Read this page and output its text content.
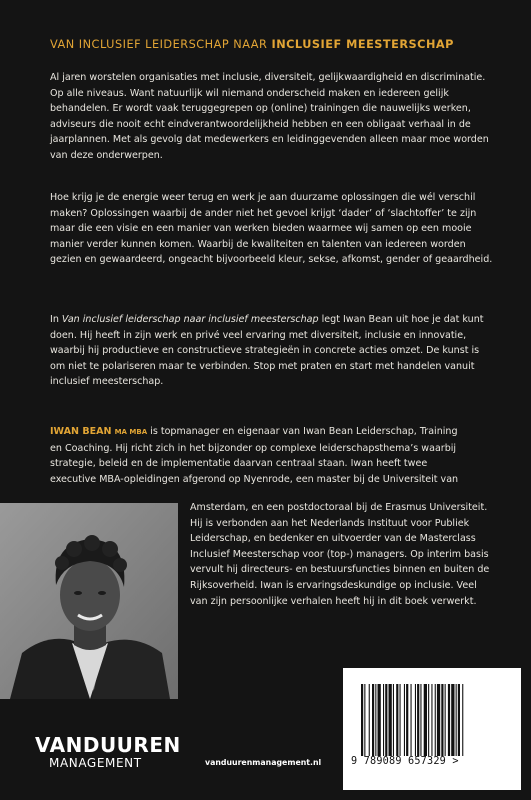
VAN INCLUSIEF LEIDERSCHAP NAAR INCLUSIEF MEESTERSCHAP

Al jaren worstelen organisaties met inclusie, diversiteit, gelijkwaardigheid en discriminatie. Op alle niveaus. Want natuurlijk wil niemand onderscheid maken en iedereen gelijk behandelen. Er wordt vaak teruggegrepen op (online) trainingen die nauwelijks werken, adviseurs die nooit echt eindverantwoordelijkheid hebben en een obligaat verhaal in de jaarplannen. Met als gevolg dat medewerkers en leidinggevenden alleen maar moe worden van deze onderwerpen.

Hoe krijg je de energie weer terug en werk je aan duurzame oplossingen die wél verschil maken? Oplossingen waarbij de ander niet het gevoel krijgt ‘dader’ of ‘slachtoffer’ te zijn maar die een visie en een manier van werken bieden waarmee wij samen op een mooie manier verder kunnen komen. Waarbij de kwaliteiten en talenten van iedereen worden gezien en gewaardeerd, ongeacht bijvoorbeeld kleur, sekse, afkomst, gender of geaardheid.

In Van inclusief leiderschap naar inclusief meesterschap legt Iwan Bean uit hoe je dat kunt doen. Hij heeft in zijn werk en privé veel ervaring met diversiteit, inclusie en innovatie, waarbij hij productieve en constructieve strategieën in concrete acties omzet. De kunst is om niet te polariseren maar te verbinden. Stop met praten en start met handelen vanuit inclusief meesterschap.

IWAN BEAN MA MBA is topmanager en eigenaar van Iwan Bean Leiderschap, Training

en Coaching. Hij richt zich in het bijzonder op complexe leiderschapsthema’s waarbij

strategie, beleid en de implementatie daarvan centraal staan. Iwan heeft twee

executive MBA-opleidingen afgerond op Nyenrode, een master bij de Universiteit van

Amsterdam, en een postdoctoraal bij de Erasmus Universiteit. Hij is verbonden aan het Nederlands Instituut voor Publiek Leiderschap, en bedenker en uitvoerder van de Masterclass Inclusief Meesterschap voor (top-) managers. Op interim basis vervult hij directeurs- en bestuursfuncties binnen en buiten de Rijksoverheid. Iwan is ervaringsdeskundige op inclusie. Veel van zijn persoonlijke verhalen heeft hij in dit boek verwerkt.

VANDUUREN
MANAGEMENT	vanduurenmanagement.nl	9 789089 657329 >
